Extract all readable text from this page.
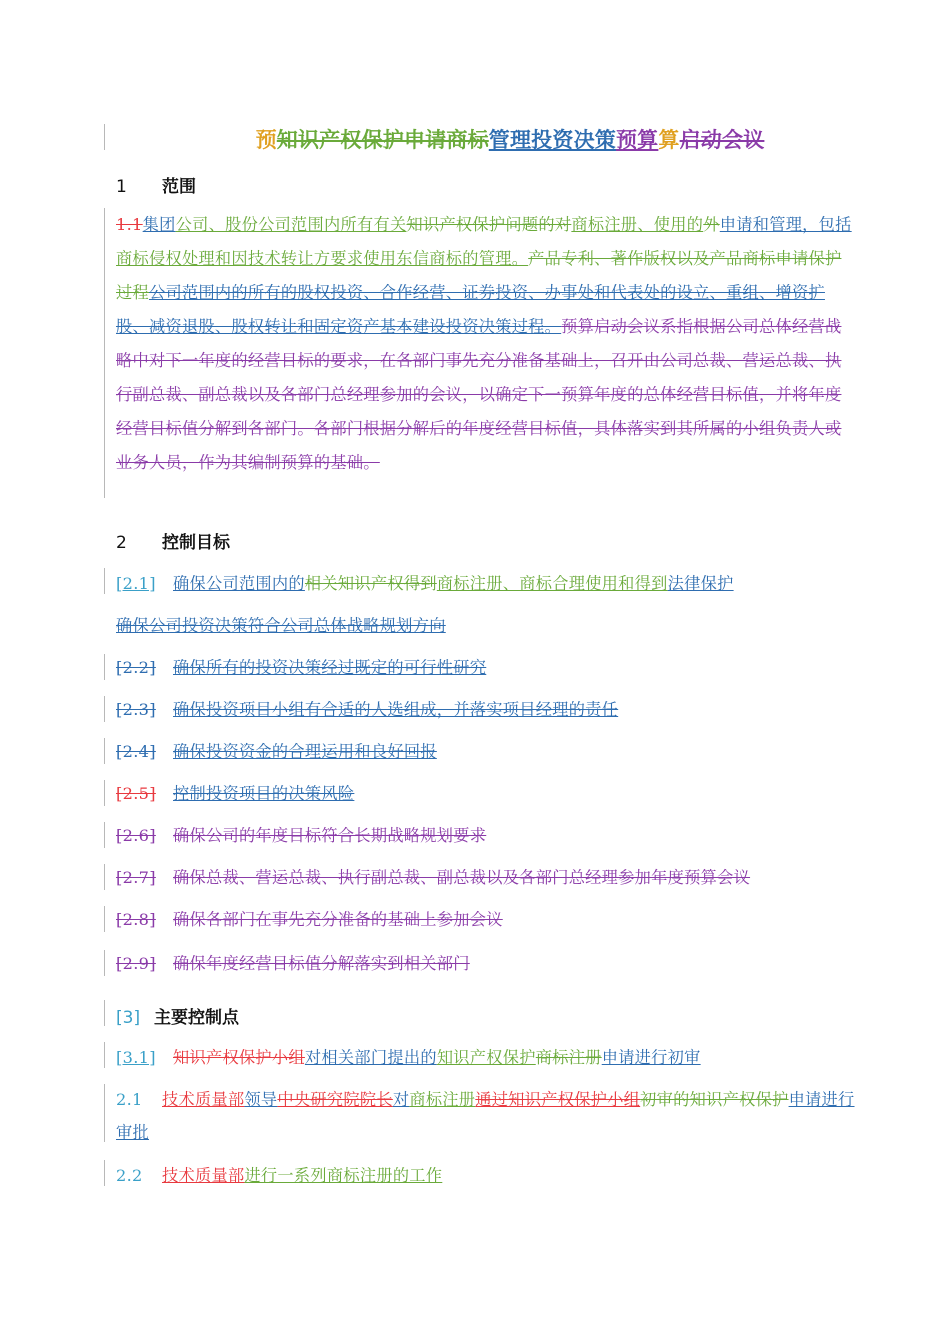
预知识产权保护申请商标管理投资决策预算算启动会议
1 范围
1.1集团公司、股份公司范围内所有有关知识产权保护问题的对商标注册、使用的外申请和管理，包括商标侵权处理和因技术转让方要求使用东信商标的管理。产品专利、著作版权以及产品商标申请保护过程公司范围内的所有的股权投资、合作经营、证券投资、办事处和代表处的设立、重组、增资扩股、减资退股、股权转让和固定资产基本建设投资决策过程。预算启动会议系指根据公司总体经营战略中对下一年度的经营目标的要求，在各部门事先充分准备基础上，召开由公司总裁、营运总裁、执行副总裁、副总裁以及各部门总经理参加的会议，以确定下一预算年度的总体经营目标值，并将年度经营目标值分解到各部门。各部门根据分解后的年度经营目标值，具体落实到其所属的小组负责人或业务人员，作为其编制预算的基础。
2 控制目标
[2.1] 确保公司范围内的相关知识产权得到商标注册、商标合理使用和得到法律保护
确保公司投资决策符合公司总体战略规划方向
[2.2] 确保所有的投资决策经过既定的可行性研究
[2.3] 确保投资项目小组有合适的人选组成，并落实项目经理的责任
[2.4] 确保投资资金的合理运用和良好回报
[2.5] 控制投资项目的决策风险
[2.6] 确保公司的年度目标符合长期战略规划要求
[2.7] 确保总裁、营运总裁、执行副总裁、副总裁以及各部门总经理参加年度预算会议
[2.8] 确保各部门在事先充分准备的基础上参加会议
[2.9] 确保年度经营目标值分解落实到相关部门
[3] 主要控制点
[3.1] 知识产权保护小组对相关部门提出的知识产权保护商标注册申请进行初审
2.1 技术质量部领导中央研究院院长对商标注册通过知识产权保护小组初审的知识产权保护申请进行审批
2.2 技术质量部进行一系列商标注册的工作
